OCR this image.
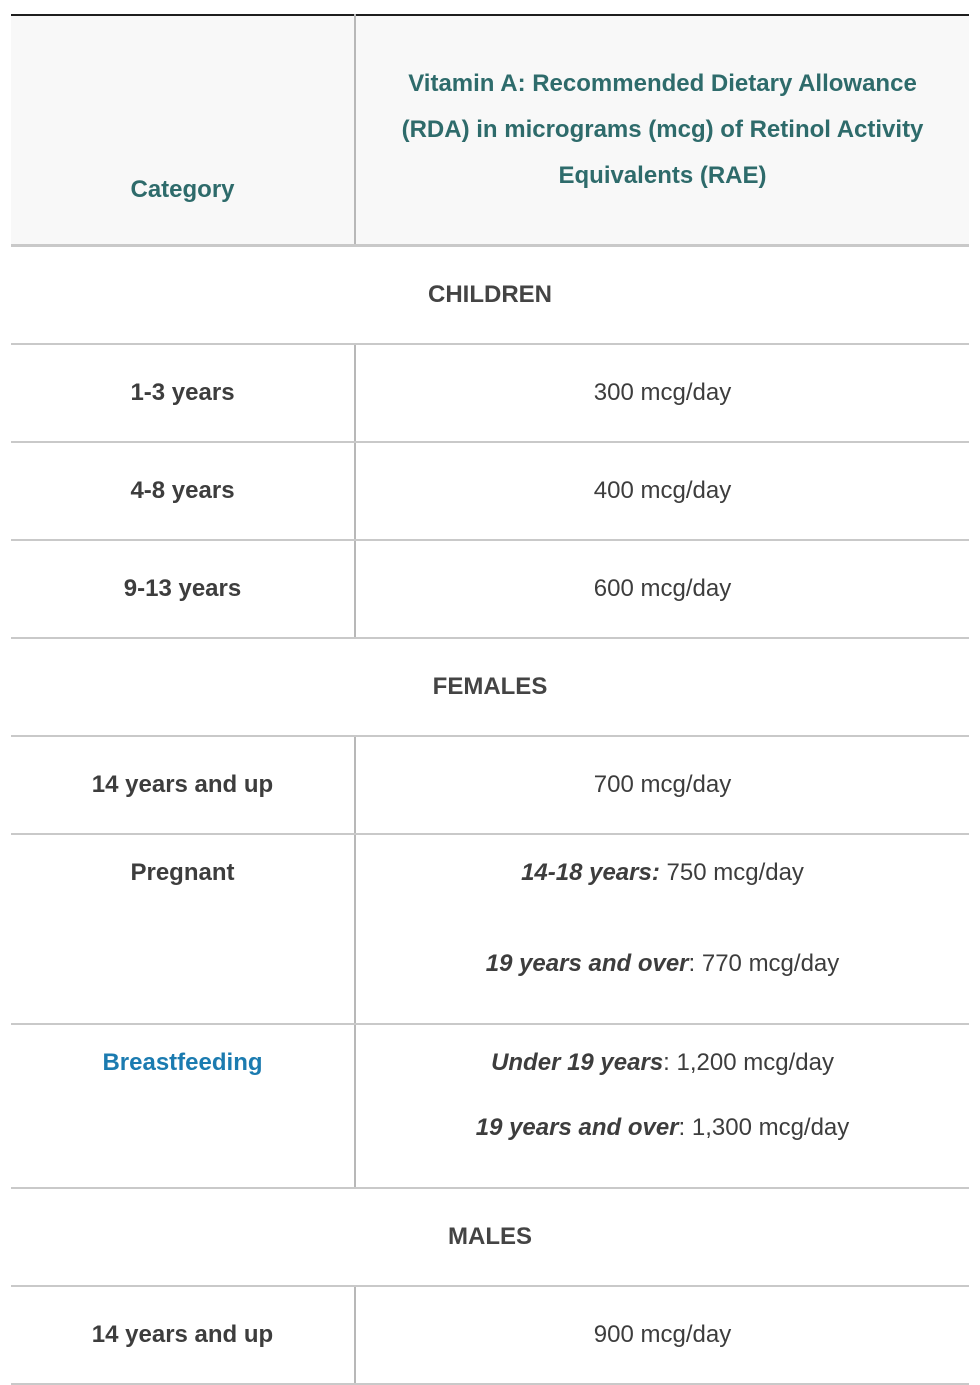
Category	Vitamin A: Recommended Dietary Allowance (RDA) in micrograms (mcg) of Retinol Activity Equivalents (RAE)
CHILDREN	
1-3 years	300 mcg/day
4-8 years	400 mcg/day
9-13 years	600 mcg/day
FEMALES	
14 years and up	700 mcg/day
Pregnant	14-18 years: 750 mcg/day
19 years and over: 770 mcg/day

Breastfeeding	Under 19 years: 1,200 mcg/day
19 years and over: 1,300 mcg/day

MALES	
14 years and up	900 mcg/day
